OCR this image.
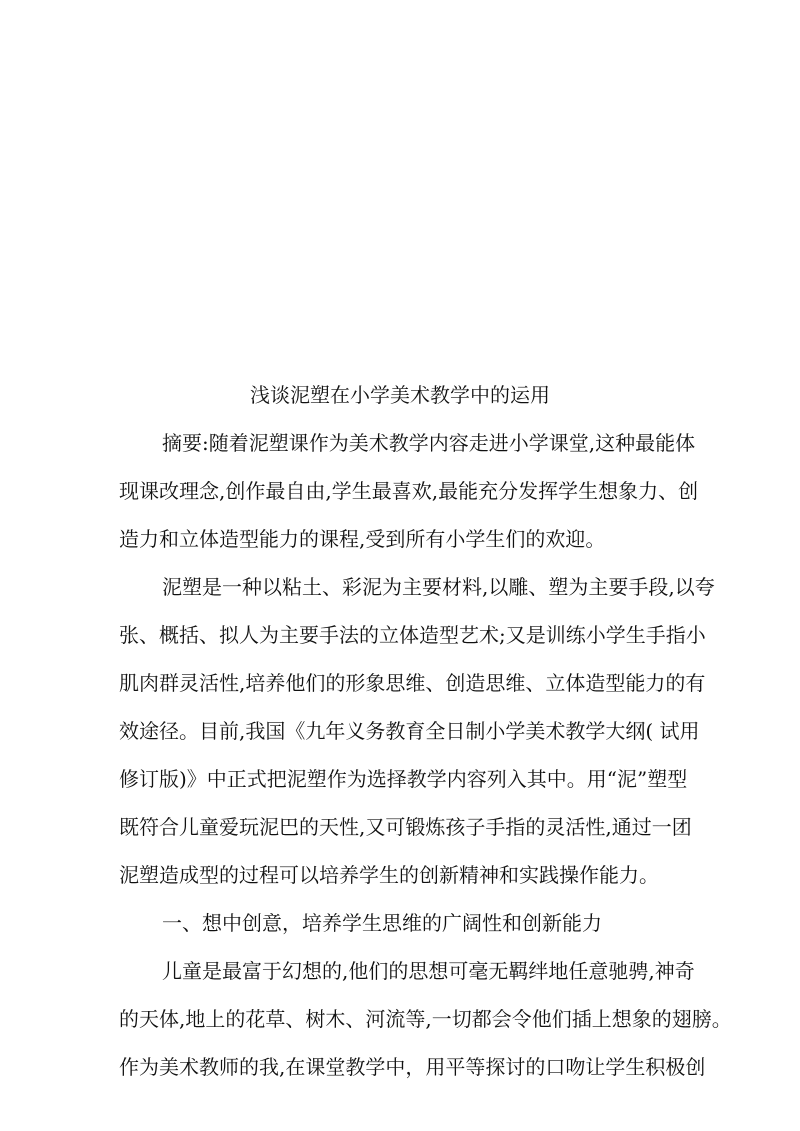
浅谈泥塑在小学美术教学中的运用
摘要:随着泥塑课作为美术教学内容走进小学课堂,这种最能体
现课改理念,创作最自由,学生最喜欢,最能充分发挥学生想象力、创
造力和立体造型能力的课程,受到所有小学生们的欢迎。
泥塑是一种以粘土、彩泥为主要材料,以雕、塑为主要手段,以夸
张、概括、拟人为主要手法的立体造型艺术;又是训练小学生手指小
肌肉群灵活性,培养他们的形象思维、创造思维、立体造型能力的有
效途径。目前,我国《九年义务教育全日制小学美术教学大纲( 试用
修订版)》中正式把泥塑作为选择教学内容列入其中。用“泥”塑型
既符合儿童爱玩泥巴的天性,又可锻炼孩子手指的灵活性,通过一团
泥塑造成型的过程可以培养学生的创新精神和实践操作能力。
一、想中创意，培养学生思维的广阔性和创新能力
儿童是最富于幻想的,他们的思想可毫无羁绊地任意驰骋,神奇
的天体,地上的花草、树木、河流等,一切都会令他们插上想象的翅膀。
作为美术教师的我,在课堂教学中，用平等探讨的口吻让学生积极创
